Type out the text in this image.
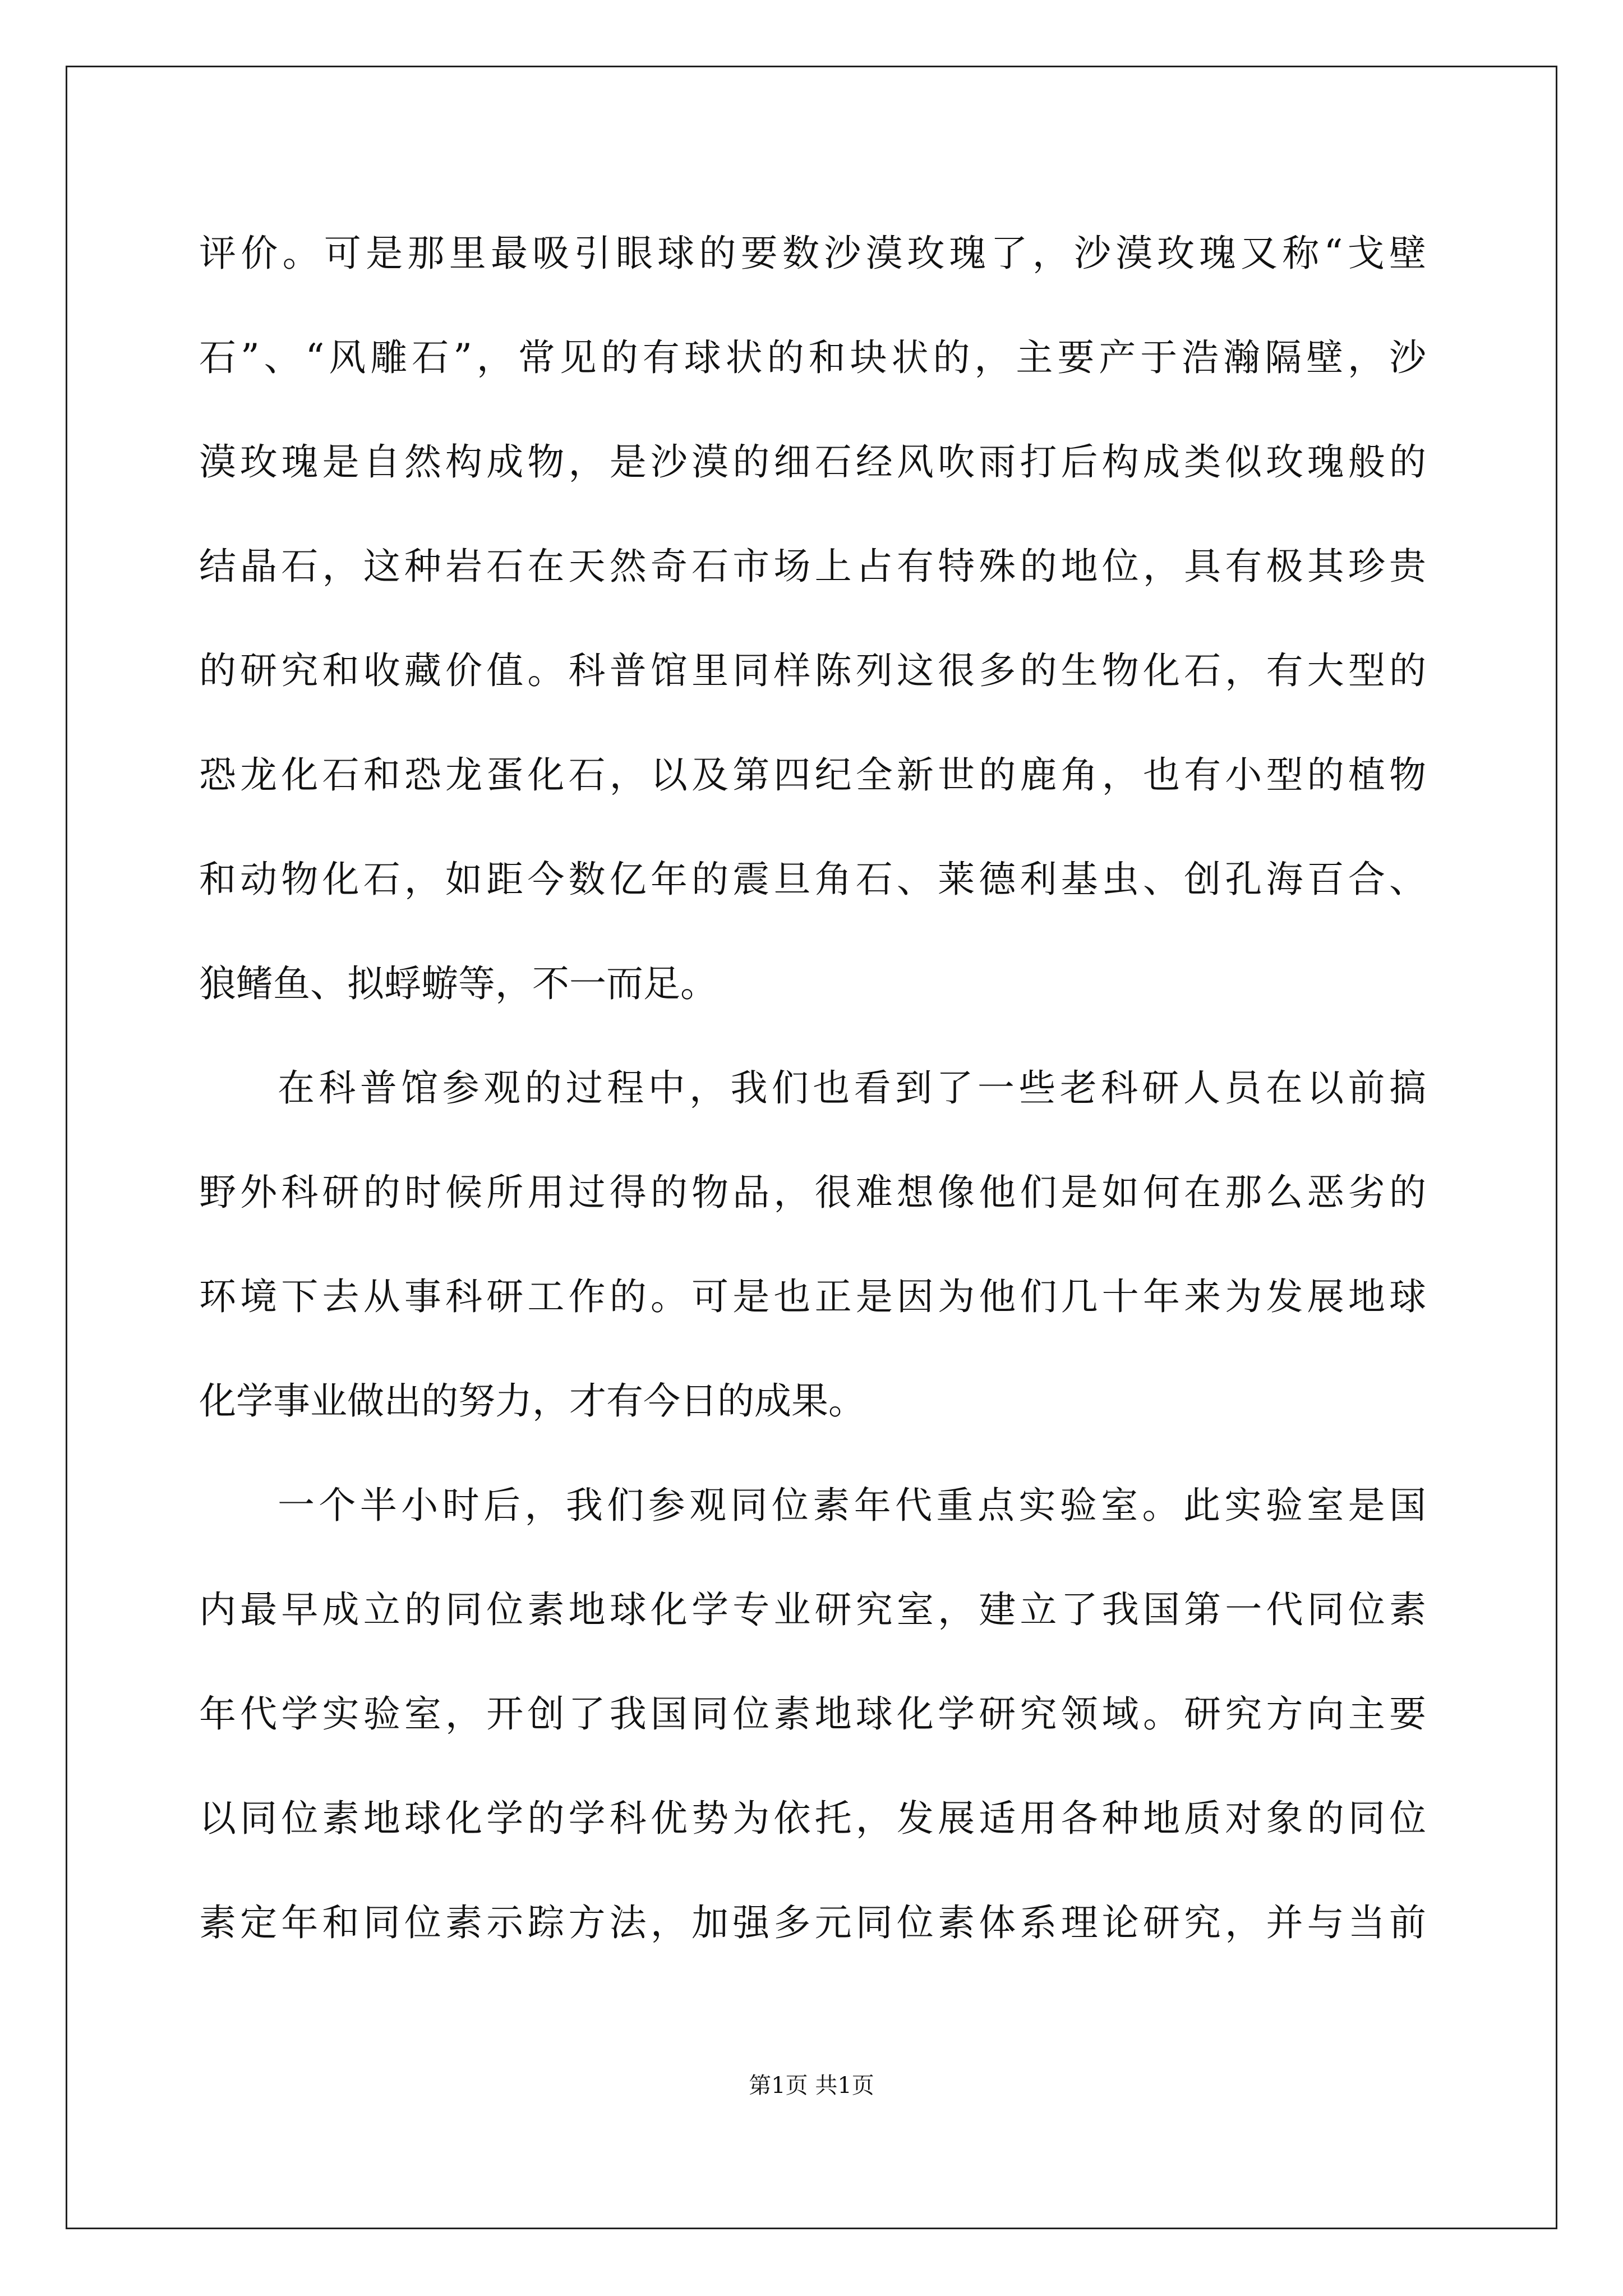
评价。可是那里最吸引眼球的要数沙漠玫瑰了，沙漠玫瑰又称“戈壁
石”、“风雕石”，常见的有球状的和块状的，主要产于浩瀚隔壁，沙
漠玫瑰是自然构成物，是沙漠的细石经风吹雨打后构成类似玫瑰般的
结晶石，这种岩石在天然奇石市场上占有特殊的地位，具有极其珍贵
的研究和收藏价值。科普馆里同样陈列这很多的生物化石，有大型的
恐龙化石和恐龙蛋化石，以及第四纪全新世的鹿角，也有小型的植物
和动物化石，如距今数亿年的震旦角石、莱德利基虫、创孔海百合、
狼鳍鱼、拟蜉蝣等，不一而足。
在科普馆参观的过程中，我们也看到了一些老科研人员在以前搞
野外科研的时候所用过得的物品，很难想像他们是如何在那么恶劣的
环境下去从事科研工作的。可是也正是因为他们几十年来为发展地球
化学事业做出的努力，才有今日的成果。
一个半小时后，我们参观同位素年代重点实验室。此实验室是国
内最早成立的同位素地球化学专业研究室，建立了我国第一代同位素
年代学实验室，开创了我国同位素地球化学研究领域。研究方向主要
以同位素地球化学的学科优势为依托，发展适用各种地质对象的同位
素定年和同位素示踪方法，加强多元同位素体系理论研究，并与当前
第1页 共1页
